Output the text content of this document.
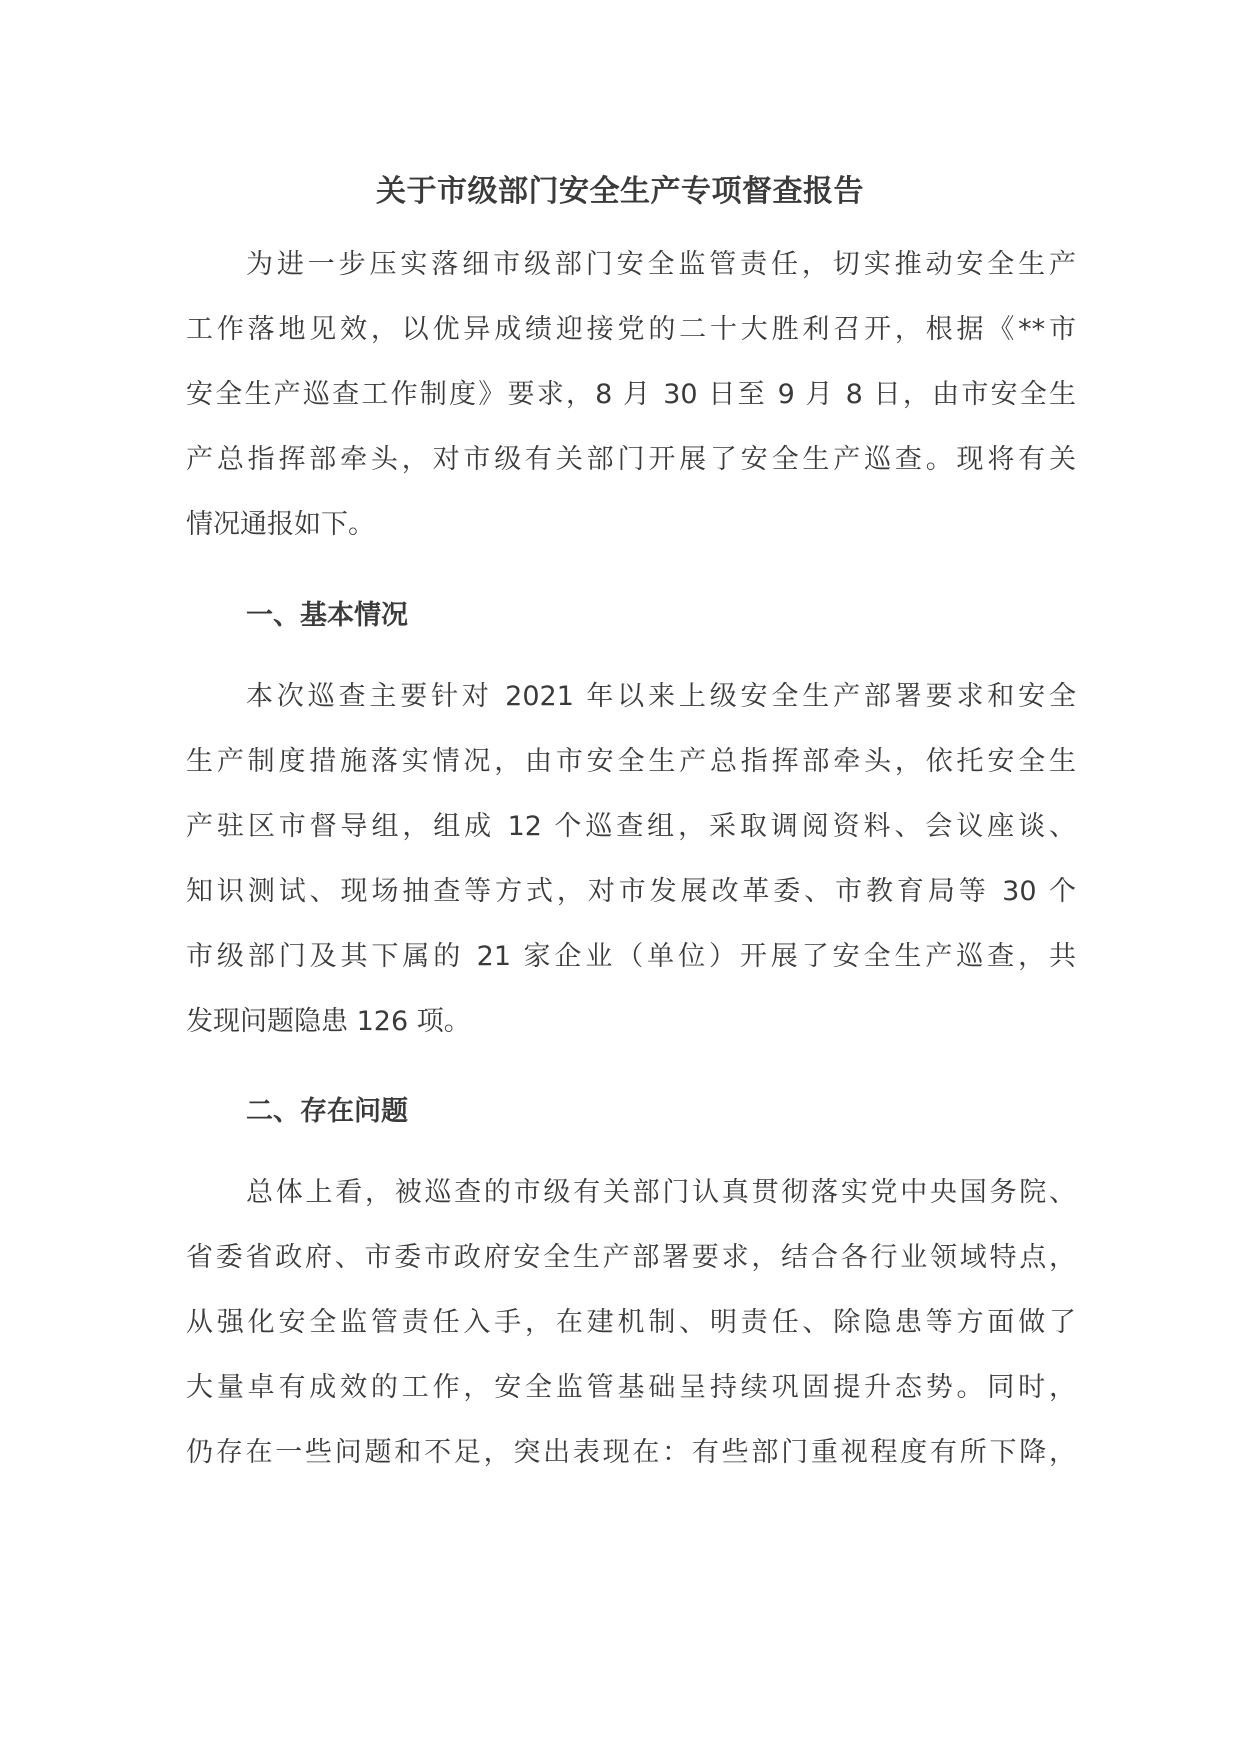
关于市级部门安全生产专项督查报告
为进一步压实落细市级部门安全监管责任，切实推动安全生产
工作落地见效，以优异成绩迎接党的二十大胜利召开，根据《**市
安全生产巡查工作制度》要求，8 月 30 日至 9 月 8 日，由市安全生
产总指挥部牵头，对市级有关部门开展了安全生产巡查。现将有关
情况通报如下。
一、基本情况
本次巡查主要针对 2021 年以来上级安全生产部署要求和安全
生产制度措施落实情况，由市安全生产总指挥部牵头，依托安全生
产驻区市督导组，组成 12 个巡查组，采取调阅资料、会议座谈、
知识测试、现场抽查等方式，对市发展改革委、市教育局等 30 个
市级部门及其下属的 21 家企业（单位）开展了安全生产巡查，共
发现问题隐患 126 项。
二、存在问题
总体上看，被巡查的市级有关部门认真贯彻落实党中央国务院、
省委省政府、市委市政府安全生产部署要求，结合各行业领域特点，
从强化安全监管责任入手，在建机制、明责任、除隐患等方面做了
大量卓有成效的工作，安全监管基础呈持续巩固提升态势。同时，
仍存在一些问题和不足，突出表现在：有些部门重视程度有所下降，
